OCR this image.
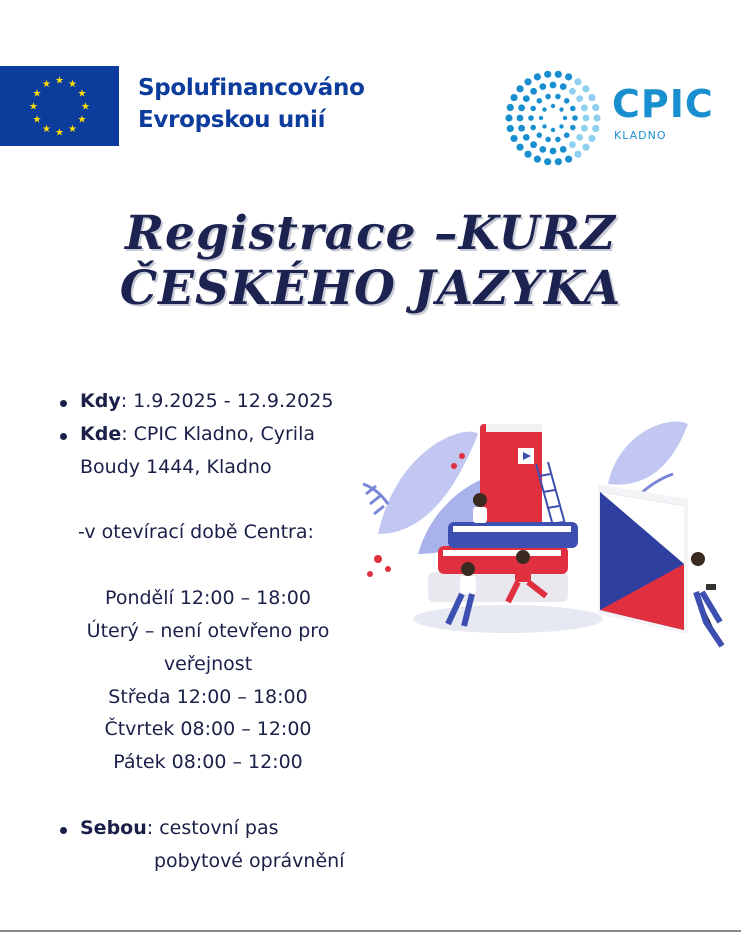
★ ★
★
★
★
★
★
★
★
★
★
★	Spolufinancováno
Evropskou unií	CPIC
KLADNO
Registrace –KURZ
ČESKÉHO JAZYKA
Kdy: 1.9.2025 - 12.9.2025
Kde: CPIC Kladno, Cyrila
Boudy 1444, Kladno
-v otevírací době Centra:
Pondělí 12:00 – 18:00
Úterý – není otevřeno pro
veřejnost
Středa 12:00 – 18:00
Čtvrtek 08:00 – 12:00
Pátek 08:00 – 12:00
Sebou: cestovní pas
pobytové oprávnění
